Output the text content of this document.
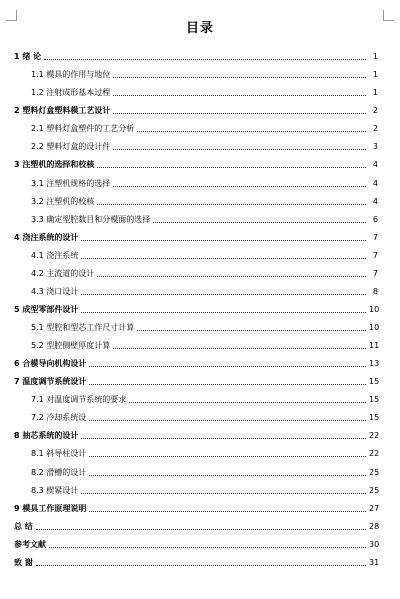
目录
1 绪 论	1
1.1 模具的作用与地位	1
1.2 注射成形基本过程	1
2 塑料灯盒塑料模工艺设计	2
2.1 塑料灯盒塑件的工艺分析	2
2.2 塑料灯盒的设计件	3
3 注塑机的选择和校核	4
3.1 注塑机规格的选择	4
3.2 注塑机的校核	4
3.3 确定型腔数目和分模面的选择	6
4 浇注系统的设计	7
4.1 浇注系统	7
4.2 主流道的设计	7
4.3 浇口设计	8
5 成型零部件设计	10
5.1 型腔和型芯工作尺寸计算	10
5.2 型腔侧壁厚度计算	11
6 合模导向机构设计	13
7 温度调节系统设计	15
7.1 对温度调节系统的要求	15
7.2 冷却系统设	15
8 抽芯系统的设计	22
8.1 斜导柱设计	22
8.2 滑槽的设计	25
8.3 楔紧设计	25
9 模具工作原理说明	27
总 结	28
参考文献	30
致 谢	31
